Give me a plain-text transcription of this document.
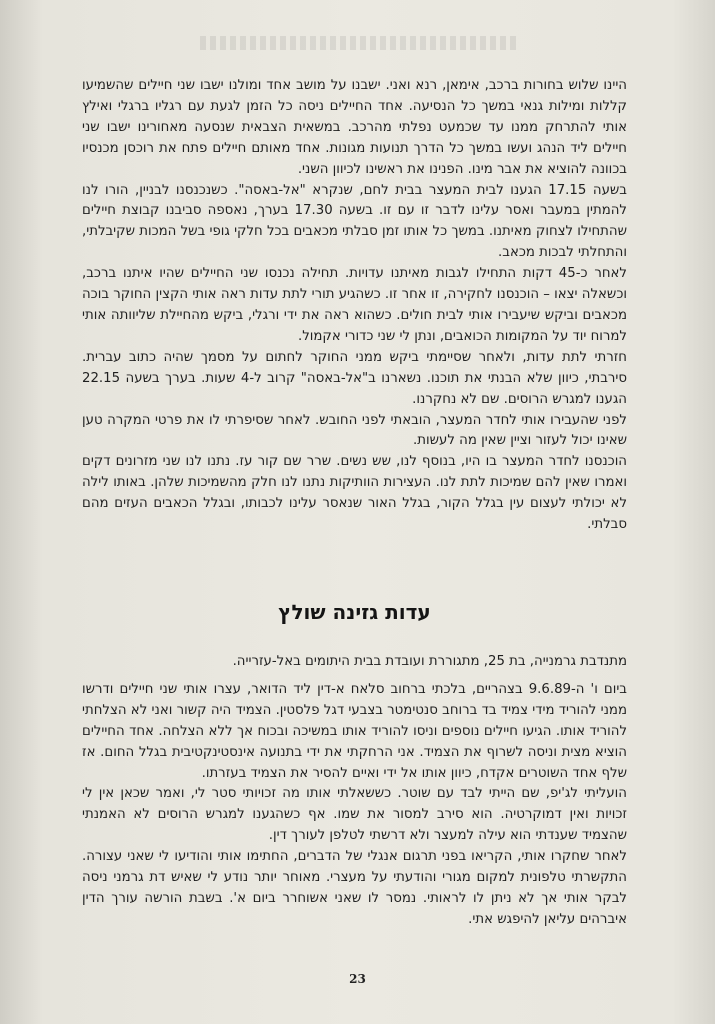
היינו שלוש בחורות ברכב, אימאן, רנא ואני. ישבנו על מושב אחד ומולנו ישבו שני חיילים שהשמיעו קללות ומילות גנאי במשך כל הנסיעה. אחד החיילים ניסה כל הזמן לגעת עם רגליו ברגלי ואילץ אותי להתרחק ממנו עד שכמעט נפלתי מהרכב. במשאית הצבאית שנסעה מאחורינו ישבו שני חיילים ליד הנהג ועשו במשך כל הדרך תנועות מגונות. אחד מאותם חיילים פתח את רוכסן מכנסיו בכוונה להוציא את אבר מינו. הפנינו את ראשינו לכיוון השני.

בשעה 17.15 הגענו לבית המעצר בבית לחם, שנקרא "אל-באסה". כשנכנסנו לבניין, הורו לנו להמתין במעבר ואסר עלינו לדבר זו עם זו. בשעה 17.30 בערך, נאספה סביבנו קבוצת חיילים שהתחילו לצחוק מאיתנו. במשך כל אותו זמן סבלתי מכאבים בכל חלקי גופי בשל המכות שקיבלתי, והתחלתי לבכות מכאב.

לאחר כ-45 דקות התחילו לגבות מאיתנו עדויות. תחילה נכנסו שני החיילים שהיו איתנו ברכב, וכשאלה יצאו – הוכנסנו לחקירה, זו אחר זו. כשהגיע תורי לתת עדות ראה אותי הקצין החוקר בוכה מכאבים וביקש שיעבירו אותי לבית חולים. כשהוא ראה את ידי ורגלי, ביקש מהחיילת שליוותה אותי למרוח יוד על המקומות הכואבים, ונתן לי שני כדורי אקמול.

חזרתי לתת עדות, ולאחר שסיימתי ביקש ממני החוקר לחתום על מסמך שהיה כתוב עברית. סירבתי, כיוון שלא הבנתי את תוכנו. נשארנו ב"אל-באסה" קרוב ל-4 שעות. בערך בשעה 22.15 הגענו למגרש הרוסים. שם לא נחקרנו.

לפני שהעבירו אותי לחדר המעצר, הובאתי לפני החובש. לאחר שסיפרתי לו את פרטי המקרה טען שאינו יכול לעזור וציין שאין מה לעשות.

הוכנסנו לחדר המעצר בו היו, בנוסף לנו, שש נשים. שרר שם קור עז. נתנו לנו שני מזרונים דקים ואמרו שאין להם שמיכות לתת לנו. העצירות הוותיקות נתנו לנו חלק מהשמיכות שלהן. באותו לילה לא יכולתי לעצום עין בגלל הקור, בגלל האור שנאסר עלינו לכבותו, ובגלל הכאבים העזים מהם סבלתי.

עדות גזינה שולץ

מתנדבת גרמנייה, בת 25, מתגוררת ועובדת בבית היתומים באל-עזרייה.

ביום ו' ה-9.6.89 בצהריים, בלכתי ברחוב סלאח א-דין ליד הדואר, עצרו אותי שני חיילים ודרשו ממני להוריד מידי צמיד בד ברוחב סנטימטר בצבעי דגל פלסטין. הצמיד היה קשור ואני לא הצלחתי להוריד אותו. הגיעו חיילים נוספים וניסו להוריד אותו במשיכה ובכוח אך ללא הצלחה. אחד החיילים הוציא מצית וניסה לשרוף את הצמיד. אני הרחקתי את ידי בתנועה אינסטינקטיבית בגלל החום. אז שלף אחד השוטרים אקדח, כיוון אותו אל ידי ואיים להסיר את הצמיד בעזרתו.

הועליתי לג'יפ, שם הייתי לבד עם שוטר. כששאלתי אותו מה זכויותי סטר לי, ואמר שכאן אין לי זכויות ואין דמוקרטיה. הוא סירב למסור את שמו. אף כשהגענו למגרש הרוסים לא האמנתי שהצמיד שענדתי הוא עילה למעצר ולא דרשתי לטלפן לעורך דין.

לאחר שחקרו אותי, הקריאו בפני תרגום אנגלי של הדברים, החתימו אותי והודיעו לי שאני עצורה. התקשרתי טלפונית למקום מגורי והודעתי על מעצרי. מאוחר יותר נודע לי שאיש דת גרמני ניסה לבקר אותי אך לא ניתן לו לראותי. נמסר לו שאני אשוחרר ביום א'. בשבת הורשה עורך הדין איברהים עליאן להיפגש אתי.

23
